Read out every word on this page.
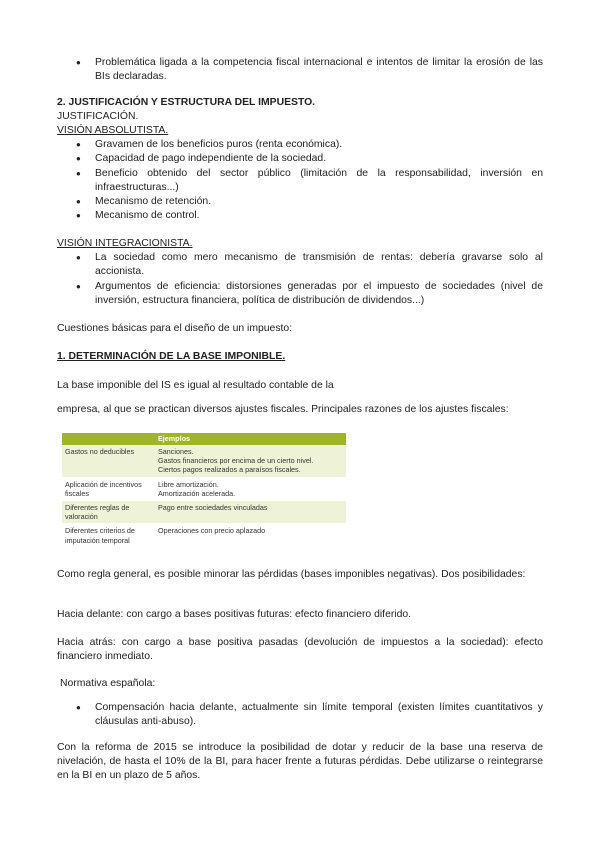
● Problemática ligada a la competencia fiscal internacional e intentos de limitar la erosión de las BIs declaradas.
2. JUSTIFICACIÓN Y ESTRUCTURA DEL IMPUESTO.
JUSTIFICACIÓN.
VISIÓN ABSOLUTISTA.
● Gravamen de los beneficios puros (renta económica).
● Capacidad de pago independiente de la sociedad.
● Beneficio obtenido del sector público (limitación de la responsabilidad, inversión en infraestructuras...)
● Mecanismo de retención.
● Mecanismo de control.
VISIÓN INTEGRACIONISTA.
● La sociedad como mero mecanismo de transmisión de rentas: debería gravarse solo al accionista.
● Argumentos de eficiencia: distorsiones generadas por el impuesto de sociedades (nivel de inversión, estructura financiera, política de distribución de dividendos...)
Cuestiones básicas para el diseño de un impuesto:
1. DETERMINACIÓN DE LA BASE IMPONIBLE.
La base imponible del IS es igual al resultado contable de la
empresa, al que se practican diversos ajustes fiscales. Principales razones de los ajustes fiscales:
	Ejemplos
Gastos no deducibles	Sanciones.
Gastos financieros por encima de un cierto nivel.
Ciertos pagos realizados a paraísos fiscales.
Aplicación de incentivos fiscales	Libre amortización.
Amortización acelerada.
Diferentes reglas de valoración	Pago entre sociedades vinculadas
Diferentes criterios de imputación temporal	Operaciones con precio aplazado
Como regla general, es posible minorar las pérdidas (bases imponibles negativas). Dos posibilidades:
Hacia delante: con cargo a bases positivas futuras: efecto financiero diferido.
Hacia atrás: con cargo a base positiva pasadas (devolución de impuestos a la sociedad): efecto financiero inmediato.
Normativa española:
● Compensación hacia delante, actualmente sin límite temporal (existen límites cuantitativos y cláusulas anti-abuso).
Con la reforma de 2015 se introduce la posibilidad de dotar y reducir de la base una reserva de nivelación, de hasta el 10% de la BI, para hacer frente a futuras pérdidas. Debe utilizarse o reintegrarse en la BI en un plazo de 5 años.
